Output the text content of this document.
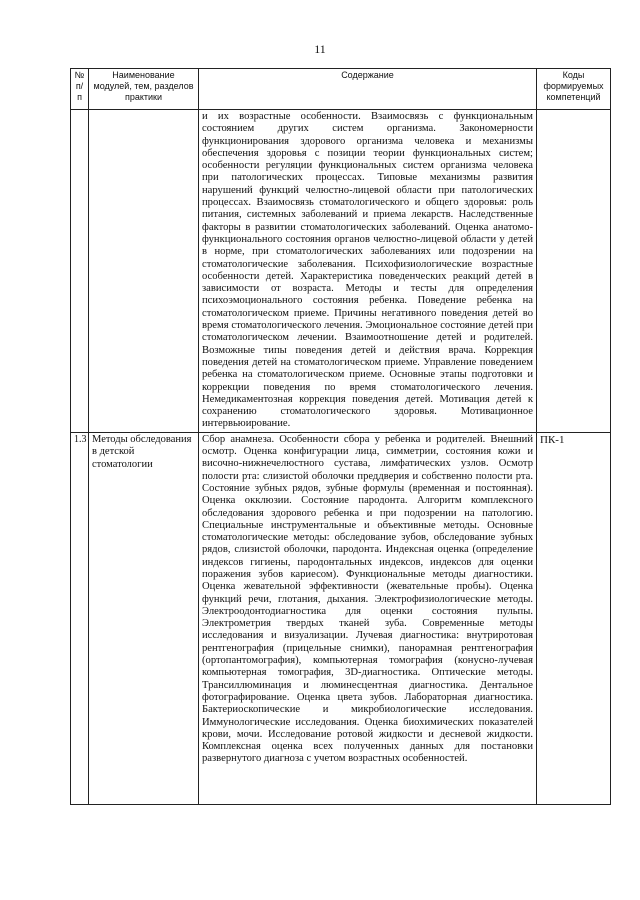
11
№ п/п	Наименование модулей, тем, разделов практики	Содержание	Коды формируемых компетенций
		и их возрастные особенности. Взаимосвязь с функциональным состоянием других систем организма. Закономерности функционирования здорового организма человека и механизмы обеспечения здоровья с позиции теории функциональных систем; особенности регуляции функциональных систем организма человека при патологических процессах. Типовые механизмы развития нарушений функций челюстно-лицевой области при патологических процессах. Взаимосвязь стоматологического и общего здоровья: роль питания, системных заболеваний и приема лекарств. Наследственные факторы в развитии стоматологических заболеваний. Оценка анатомо-функционального состояния органов челюстно-лицевой области у детей в норме, при стоматологических заболеваниях или подозрении на стоматологические заболевания. Психофизиологические возрастные особенности детей. Характеристика поведенческих реакций детей в зависимости от возраста. Методы и тесты для определения психоэмоционального состояния ребенка. Поведение ребенка на стоматологическом приеме. Причины негативного поведения детей во время стоматологического лечения. Эмоциональное состояние детей при стоматологическом лечении. Взаимоотношение детей и родителей. Возможные типы поведения детей и действия врача. Коррекция поведения детей на стоматологическом приеме. Управление поведением ребенка на стоматологическом приеме. Основные этапы подготовки и коррекции поведения по время стоматологического лечения. Немедикаментозная коррекция поведения детей. Мотивация детей к сохранению стоматологического здоровья. Мотивационное интервьюирование.	
1.3	Методы обследования в детской стоматологии	Сбор анамнеза. Особенности сбора у ребенка и родителей. Внешний осмотр. Оценка конфигурации лица, симметрии, состояния кожи и височно-нижнечелюстного сустава, лимфатических узлов. Осмотр полости рта: слизистой оболочки преддверия и собственно полости рта. Состояние зубных рядов, зубные формулы (временная и постоянная). Оценка окклюзии. Состояние пародонта. Алгоритм комплексного обследования здорового ребенка и при подозрении на патологию. Специальные инструментальные и объективные методы. Основные стоматологические методы: обследование зубов, обследование зубных рядов, слизистой оболочки, пародонта. Индексная оценка (определение индексов гигиены, пародонтальных индексов, индексов для оценки поражения зубов кариесом). Функциональные методы диагностики. Оценка жевательной эффективности (жевательные пробы). Оценка функций речи, глотания, дыхания. Электрофизиологические методы. Электроодонтодиагностика для оценки состояния пульпы. Электрометрия твердых тканей зуба. Современные методы исследования и визуализации. Лучевая диагностика: внутриротовая рентгенография (прицельные снимки), панорамная рентгенография (ортопантомография), компьютерная томография (конусно-лучевая компьютерная томография, 3D-диагностика. Оптические методы. Трансиллюминация и люминесцентная диагностика. Дентальное фотографирование. Оценка цвета зубов. Лабораторная диагностика. Бактериоскопические и микробиологические исследования. Иммунологические исследования. Оценка биохимических показателей крови, мочи. Исследование ротовой жидкости и десневой жидкости. Комплексная оценка всех полученных данных для постановки развернутого диагноза с учетом возрастных особенностей.	ПК-1
